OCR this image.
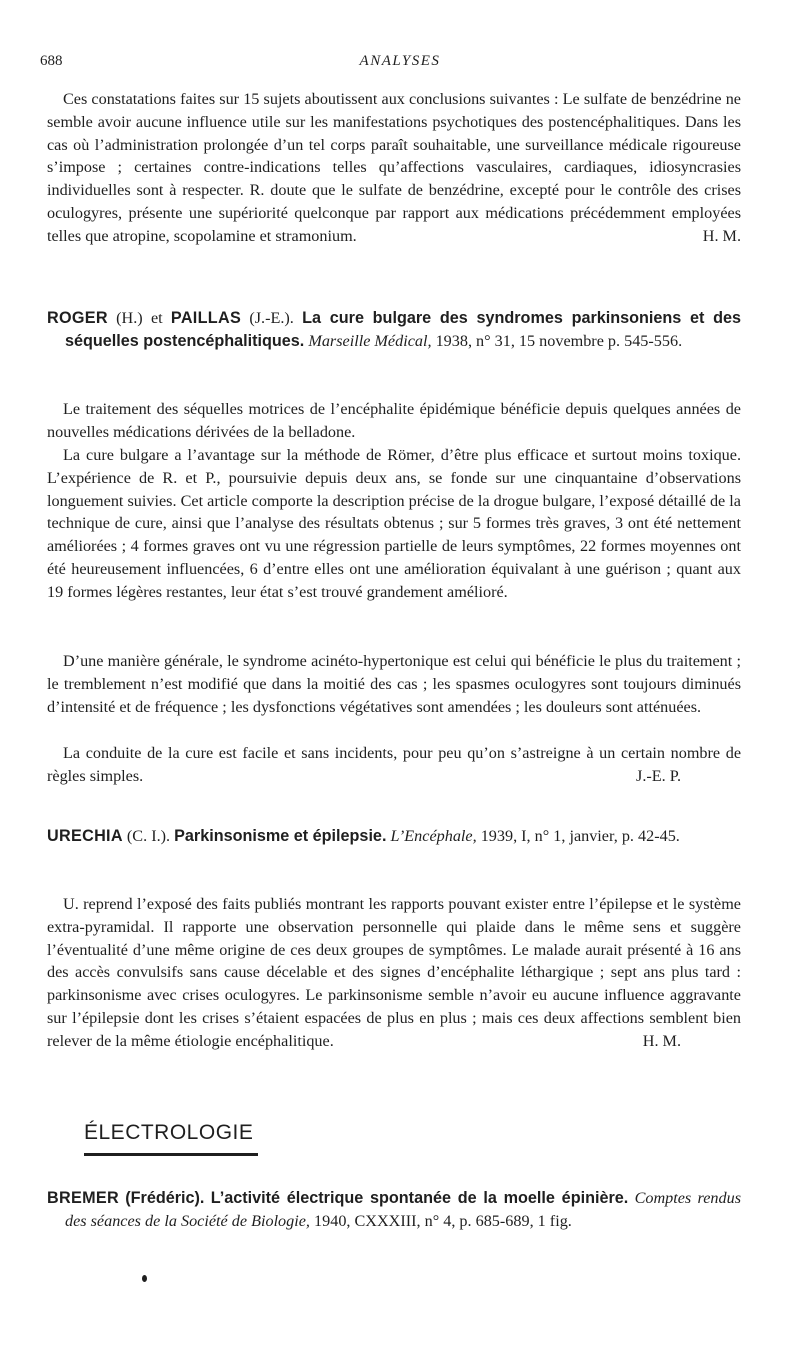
688	ANALYSES

Ces constatations faites sur 15 sujets aboutissent aux conclusions suivantes : Le sulfate de benzédrine ne semble avoir aucune influence utile sur les manifestations psychotiques des postencéphalitiques. Dans les cas où l’administration prolongée d’un tel corps paraît souhaitable, une surveillance médicale rigoureuse s’impose ; certaines contre-indications telles qu’affections vasculaires, cardiaques, idiosyncrasies individuelles sont à respecter. R. doute que le sulfate de benzédrine, excepté pour le contrôle des crises oculogyres, présente une supériorité quelconque par rapport aux médications précédemment employées telles que atropine, scopolamine et stramonium.	H. M.

ROGER (H.) et PAILLAS (J.-E.). La cure bulgare des syndromes parkinsoniens et des séquelles postencéphalitiques. Marseille Médical, 1938, n° 31, 15 novembre p. 545-556.

Le traitement des séquelles motrices de l’encéphalite épidémique bénéficie depuis quelques années de nouvelles médications dérivées de la belladone.

La cure bulgare a l’avantage sur la méthode de Römer, d’être plus efficace et surtout moins toxique. L’expérience de R. et P., poursuivie depuis deux ans, se fonde sur une cinquantaine d’observations longuement suivies. Cet article comporte la description précise de la drogue bulgare, l’exposé détaillé de la technique de cure, ainsi que l’analyse des résultats obtenus ; sur 5 formes très graves, 3 ont été nettement améliorées ; 4 formes graves ont vu une régression partielle de leurs symptômes, 22 formes moyennes ont été heureusement influencées, 6 d’entre elles ont une amélioration équivalant à une guérison ; quant aux 19 formes légères restantes, leur état s’est trouvé grandement amélioré.

D’une manière générale, le syndrome acinéto-hypertonique est celui qui bénéficie le plus du traitement ; le tremblement n’est modifié que dans la moitié des cas ; les spasmes oculogyres sont toujours diminués d’intensité et de fréquence ; les dysfonctions végétatives sont amendées ; les douleurs sont atténuées.

La conduite de la cure est facile et sans incidents, pour peu qu’on s’astreigne à un certain nombre de règles simples.	J.-E. P.

URECHIA (C. I.). Parkinsonisme et épilepsie. L’Encéphale, 1939, I, n° 1, janvier, p. 42-45.

U. reprend l’exposé des faits publiés montrant les rapports pouvant exister entre l’épilepse et le système extra-pyramidal. Il rapporte une observation personnelle qui plaide dans le même sens et suggère l’éventualité d’une même origine de ces deux groupes de symptômes. Le malade aurait présenté à 16 ans des accès convulsifs sans cause décelable et des signes d’encéphalite léthargique ; sept ans plus tard : parkinsonisme avec crises oculogyres. Le parkinsonisme semble n’avoir eu aucune influence aggravante sur l’épilepsie dont les crises s’étaient espacées de plus en plus ; mais ces deux affections semblent bien relever de la même étiologie encéphalitique.	H. M.

ÉLECTROLOGIE

BREMER (Frédéric). L’activité électrique spontanée de la moelle épinière. Comptes rendus des séances de la Société de Biologie, 1940, CXXXIII, n° 4, p. 685-689, 1 fig.
